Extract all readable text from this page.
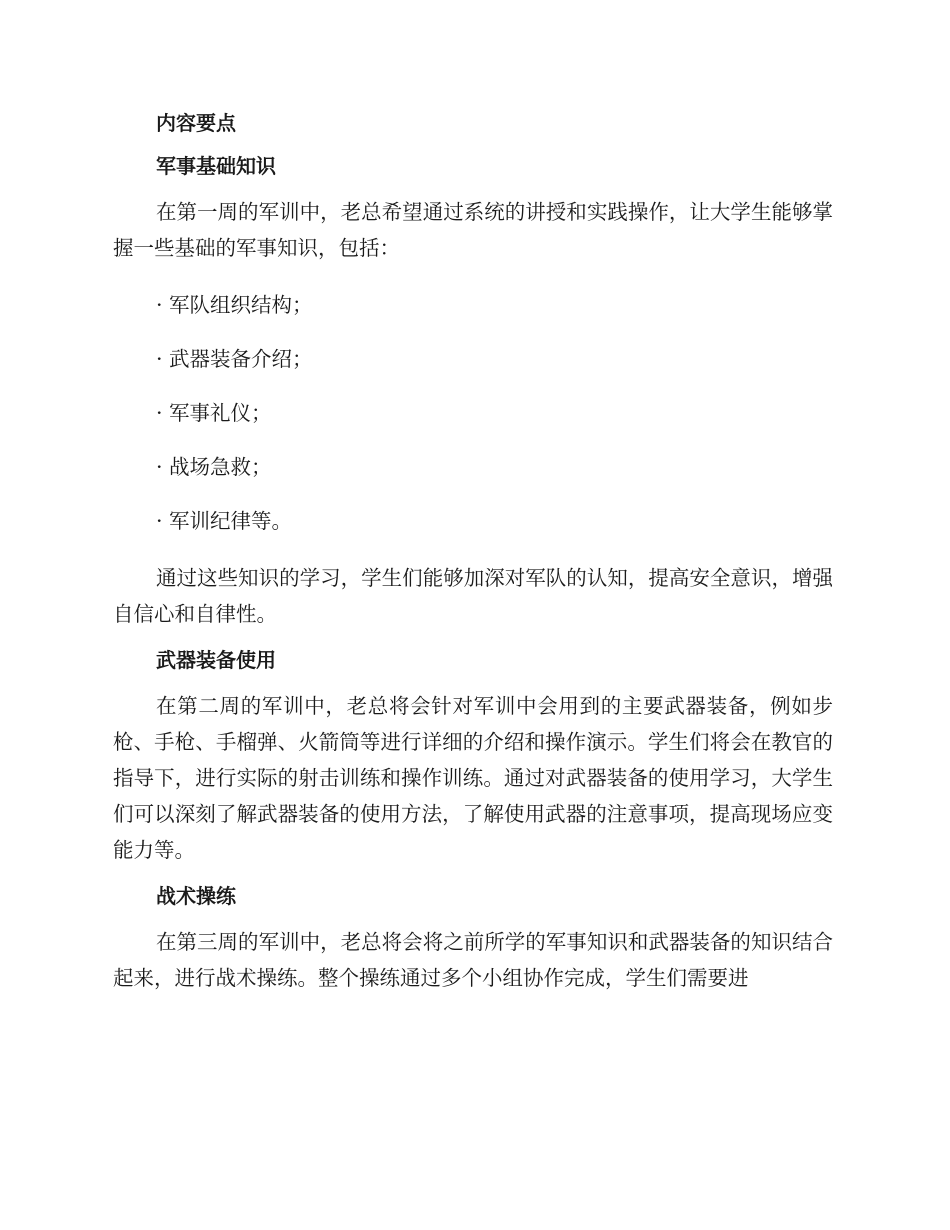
内容要点
军事基础知识

在第一周的军训中，老总希望通过系统的讲授和实践操作，让大学生能够掌握一些基础的军事知识，包括：

· 军队组织结构；

· 武器装备介绍；

· 军事礼仪；

· 战场急救；

· 军训纪律等。

通过这些知识的学习，学生们能够加深对军队的认知，提高安全意识，增强自信心和自律性。

武器装备使用

在第二周的军训中，老总将会针对军训中会用到的主要武器装备，例如步枪、手枪、手榴弹、火箭筒等进行详细的介绍和操作演示。学生们将会在教官的指导下，进行实际的射击训练和操作训练。通过对武器装备的使用学习，大学生们可以深刻了解武器装备的使用方法，了解使用武器的注意事项，提高现场应变能力等。

战术操练

在第三周的军训中，老总将会将之前所学的军事知识和武器装备的知识结合起来，进行战术操练。整个操练通过多个小组协作完成，学生们需要进
